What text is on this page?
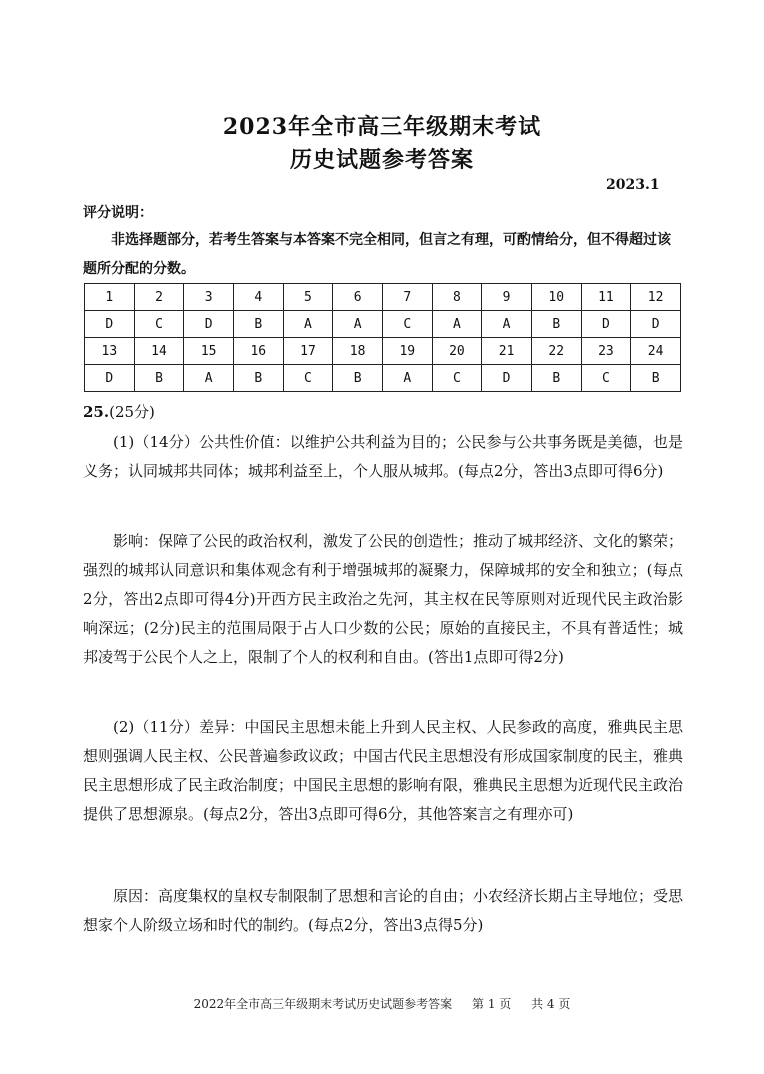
2023年全市高三年级期末考试
历史试题参考答案
2023.1
评分说明：
非选择题部分，若考生答案与本答案不完全相同，但言之有理，可酌情给分，但不得超过该题所分配的分数。
1	2	3	4	5	6	7	8	9	10	11	12
D	C	D	B	A	A	C	A	A	B	D	D
13	14	15	16	17	18	19	20	21	22	23	24
D	B	A	B	C	B	A	C	D	B	C	B
25.(25分)
(1)（14分）公共性价值：以维护公共利益为目的；公民参与公共事务既是美德，也是义务；认同城邦共同体；城邦利益至上，个人服从城邦。(每点2分，答出3点即可得6分)
影响：保障了公民的政治权利，激发了公民的创造性；推动了城邦经济、文化的繁荣；强烈的城邦认同意识和集体观念有利于增强城邦的凝聚力，保障城邦的安全和独立；(每点2分，答出2点即可得4分)开西方民主政治之先河，其主权在民等原则对近现代民主政治影响深远；(2分)民主的范围局限于占人口少数的公民；原始的直接民主，不具有普适性；城邦凌驾于公民个人之上，限制了个人的权利和自由。(答出1点即可得2分)
(2)（11分）差异：中国民主思想未能上升到人民主权、人民参政的高度，雅典民主思想则强调人民主权、公民普遍参政议政；中国古代民主思想没有形成国家制度的民主，雅典民主思想形成了民主政治制度；中国民主思想的影响有限，雅典民主思想为近现代民主政治提供了思想源泉。(每点2分，答出3点即可得6分，其他答案言之有理亦可)
原因：高度集权的皇权专制限制了思想和言论的自由；小农经济长期占主导地位；受思想家个人阶级立场和时代的制约。(每点2分，答出3点得5分)
2022年全市高三年级期末考试历史试题参考答案 第 1 页 共 4 页
